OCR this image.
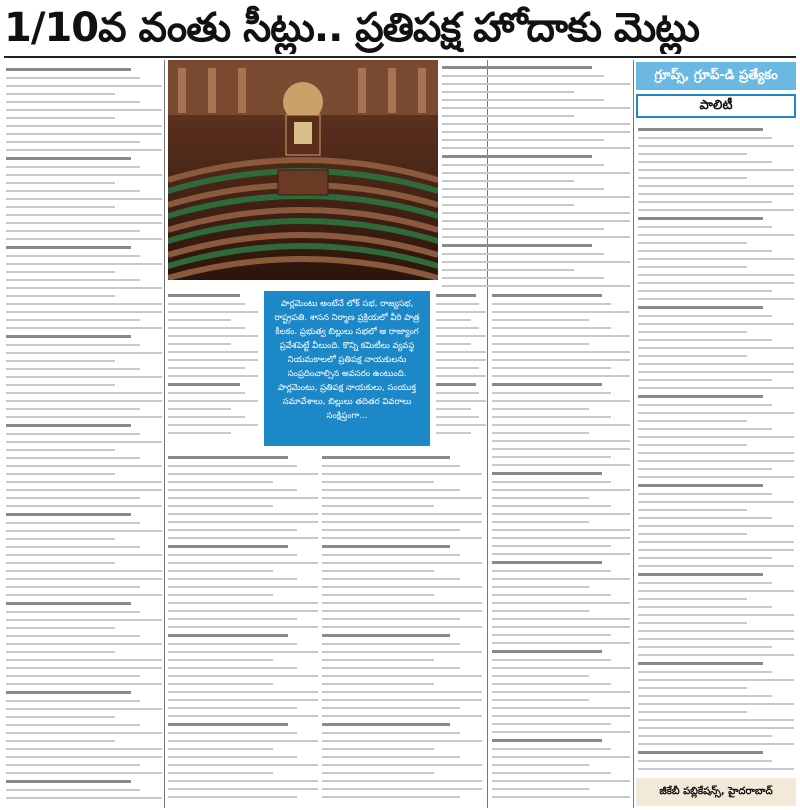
1/10వ వంతు సీట్లు.. ప్రతిపక్ష హోదాకు మెట్లు
పార్లమెంటు అంటేనే లోక్ సభ, రాజ్యసభ, రాష్ట్రపతి. శాసన నిర్మాణ ప్రక్రియలో వీరి పాత్ర కీలకం. ప్రభుత్వ బిల్లులు సభలో ఆ రాజ్యాంగ ప్రవేశపెట్టే వీలుంది. కొన్ని కమిటీలు వ్యవస్థ నియమకాలలో ప్రతిపక్ష నాయకులను సంప్రదించాల్సిన అవసరం ఉంటుంది. పార్లమెంటు, ప్రతిపక్ష నాయకులు, సంయుక్త సమావేశాలు, బిల్లులు తదితర వివరాలు సంక్షిప్తంగా...
గ్రూప్స్, గ్రూప్-డి ప్రత్యేకం
పాలిటీ
జీకేబీ పబ్లికేషన్స్, హైదరాబాద్
